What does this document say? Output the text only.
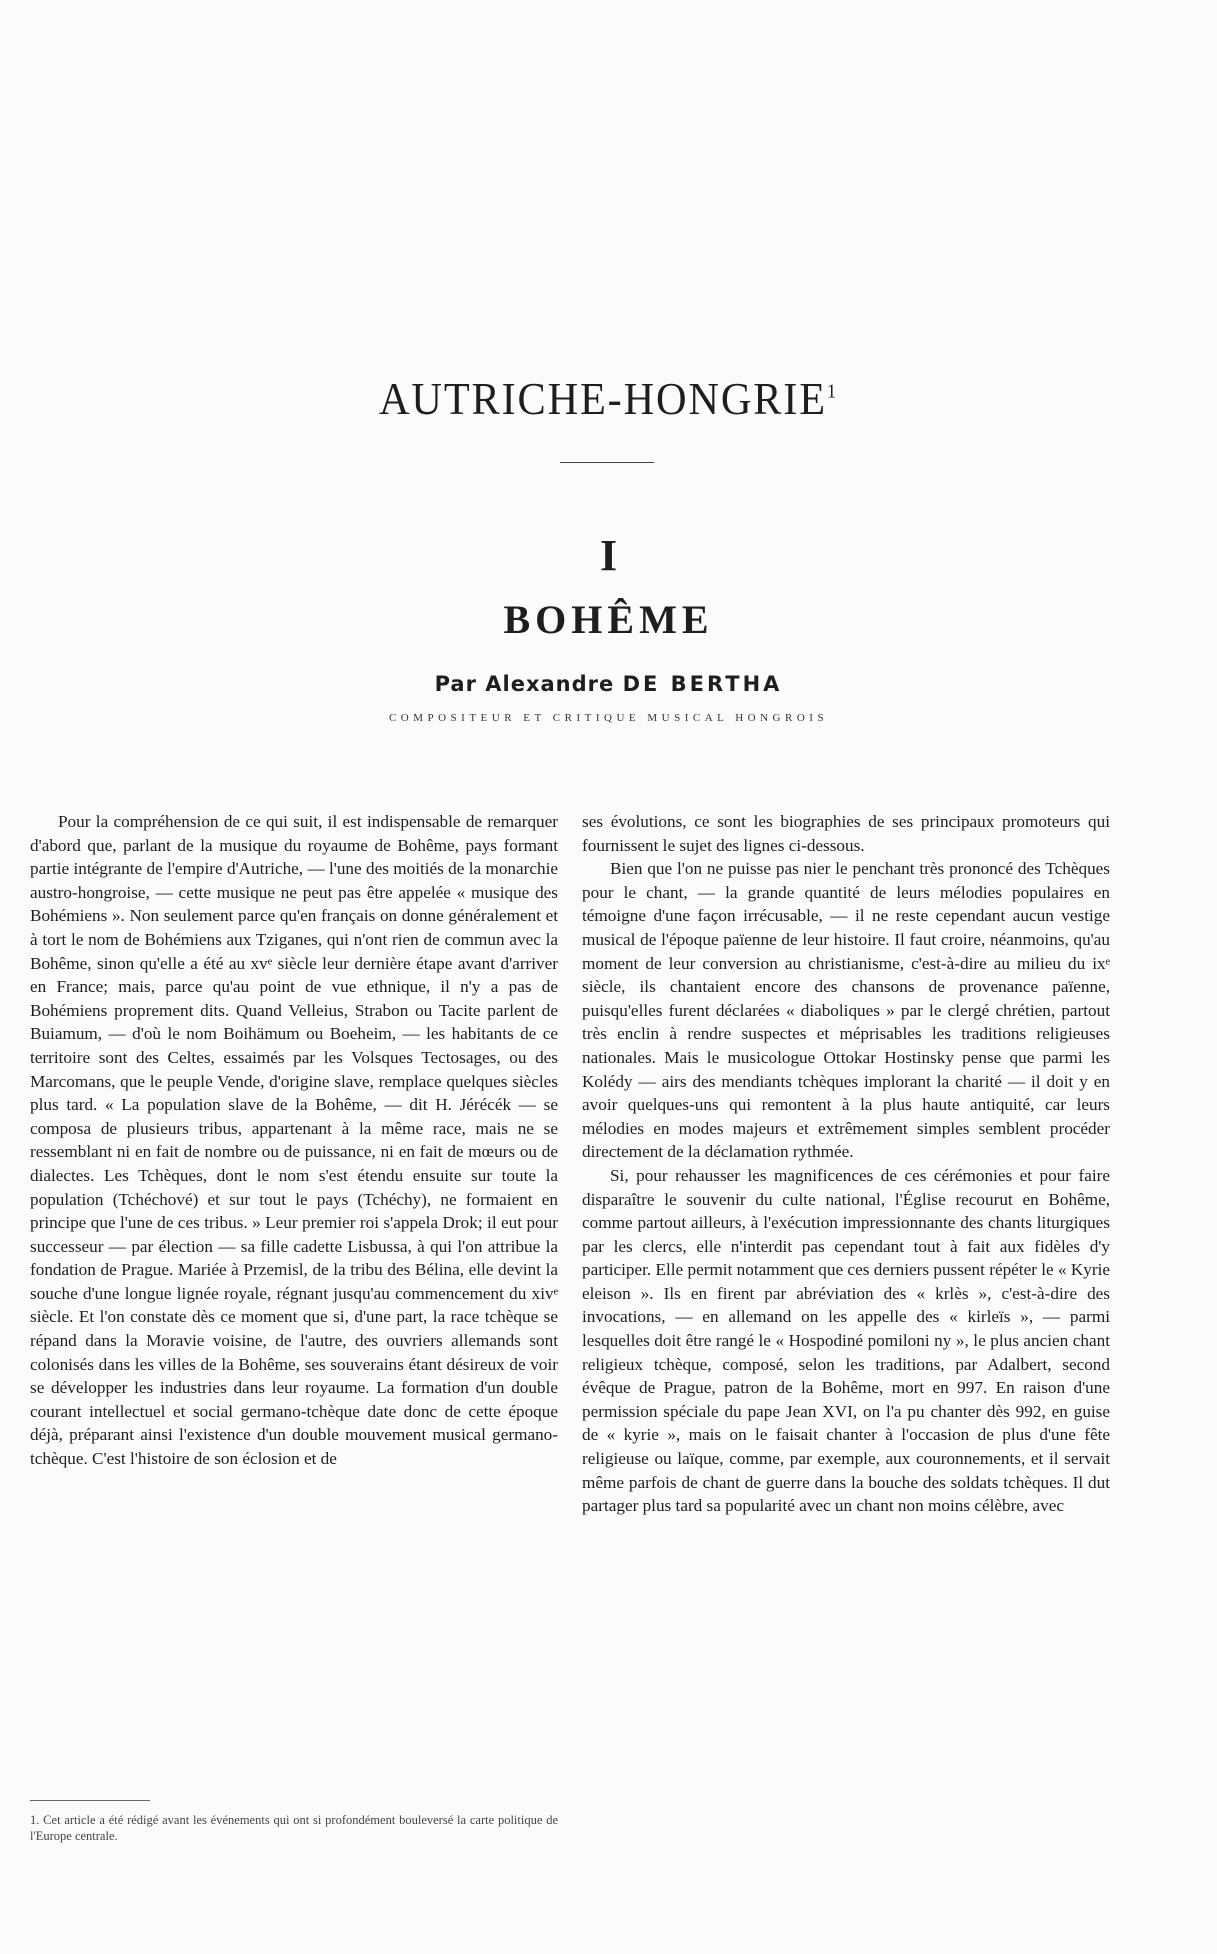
AUTRICHE-HONGRIE$^1$
I
BOHÊME
Par Alexandre DE BERTHA
COMPOSITEUR ET CRITIQUE MUSICAL HONGROIS

Pour la compréhension de ce qui suit, il est indispensable de remarquer d'abord que, parlant de la musique du royaume de Bohême, pays formant partie intégrante de l'empire d'Autriche, — l'une des moitiés de la monarchie austro-hongroise, — cette musique ne peut pas être appelée « musique des Bohémiens ». Non seulement parce qu'en français on donne généralement et à tort le nom de Bohémiens aux Tziganes, qui n'ont rien de commun avec la Bohême, sinon qu'elle a été au xvᵉ siècle leur dernière étape avant d'arriver en France; mais, parce qu'au point de vue ethnique, il n'y a pas de Bohémiens proprement dits. Quand Velleius, Strabon ou Tacite parlent de Buiamum, — d'où le nom Boihämum ou Boeheim, — les habitants de ce territoire sont des Celtes, essaimés par les Volsques Tectosages, ou des Marcomans, que le peuple Vende, d'origine slave, remplace quelques siècles plus tard. « La population slave de la Bohême, — dit H. Jérécék — se composa de plusieurs tribus, appartenant à la même race, mais ne se ressemblant ni en fait de nombre ou de puissance, ni en fait de mœurs ou de dialectes. Les Tchèques, dont le nom s'est étendu ensuite sur toute la population (Tchéchové) et sur tout le pays (Tchéchy), ne formaient en principe que l'une de ces tribus. » Leur premier roi s'appela Drok; il eut pour successeur — par élection — sa fille cadette Lisbussa, à qui l'on attribue la fondation de Prague. Mariée à Przemisl, de la tribu des Bélina, elle devint la souche d'une longue lignée royale, régnant jusqu'au commencement du xivᵉ siècle. Et l'on constate dès ce moment que si, d'une part, la race tchèque se répand dans la Moravie voisine, de l'autre, des ouvriers allemands sont colonisés dans les villes de la Bohême, ses souverains étant désireux de voir se développer les industries dans leur royaume. La formation d'un double courant intellectuel et social germano-tchèque date donc de cette époque déjà, préparant ainsi l'existence d'un double mouvement musical germano-tchèque. C'est l'histoire de son éclosion et de

ses évolutions, ce sont les biographies de ses principaux promoteurs qui fournissent le sujet des lignes ci-dessous.

Bien que l'on ne puisse pas nier le penchant très prononcé des Tchèques pour le chant, — la grande quantité de leurs mélodies populaires en témoigne d'une façon irrécusable, — il ne reste cependant aucun vestige musical de l'époque païenne de leur histoire. Il faut croire, néanmoins, qu'au moment de leur conversion au christianisme, c'est-à-dire au milieu du ixᵉ siècle, ils chantaient encore des chansons de provenance païenne, puisqu'elles furent déclarées « diaboliques » par le clergé chrétien, partout très enclin à rendre suspectes et méprisables les traditions religieuses nationales. Mais le musicologue Ottokar Hostinsky pense que parmi les Kolédy — airs des mendiants tchèques implorant la charité — il doit y en avoir quelques-uns qui remontent à la plus haute antiquité, car leurs mélodies en modes majeurs et extrêmement simples semblent procéder directement de la déclamation rythmée.

Si, pour rehausser les magnificences de ces cérémonies et pour faire disparaître le souvenir du culte national, l'Église recourut en Bohême, comme partout ailleurs, à l'exécution impressionnante des chants liturgiques par les clercs, elle n'interdit pas cependant tout à fait aux fidèles d'y participer. Elle permit notamment que ces derniers pussent répéter le « Kyrie eleison ». Ils en firent par abréviation des « krlès », c'est-à-dire des invocations, — en allemand on les appelle des « kirleïs », — parmi lesquelles doit être rangé le « Hospodiné pomiloni ny », le plus ancien chant religieux tchèque, composé, selon les traditions, par Adalbert, second évêque de Prague, patron de la Bohême, mort en 997. En raison d'une permission spéciale du pape Jean XVI, on l'a pu chanter dès 992, en guise de « kyrie », mais on le faisait chanter à l'occasion de plus d'une fête religieuse ou laïque, comme, par exemple, aux couronnements, et il servait même parfois de chant de guerre dans la bouche des soldats tchèques. Il dut partager plus tard sa popularité avec un chant non moins célèbre, avec

1. Cet article a été rédigé avant les événements qui ont si profondément bouleversé la carte politique de l'Europe centrale.
